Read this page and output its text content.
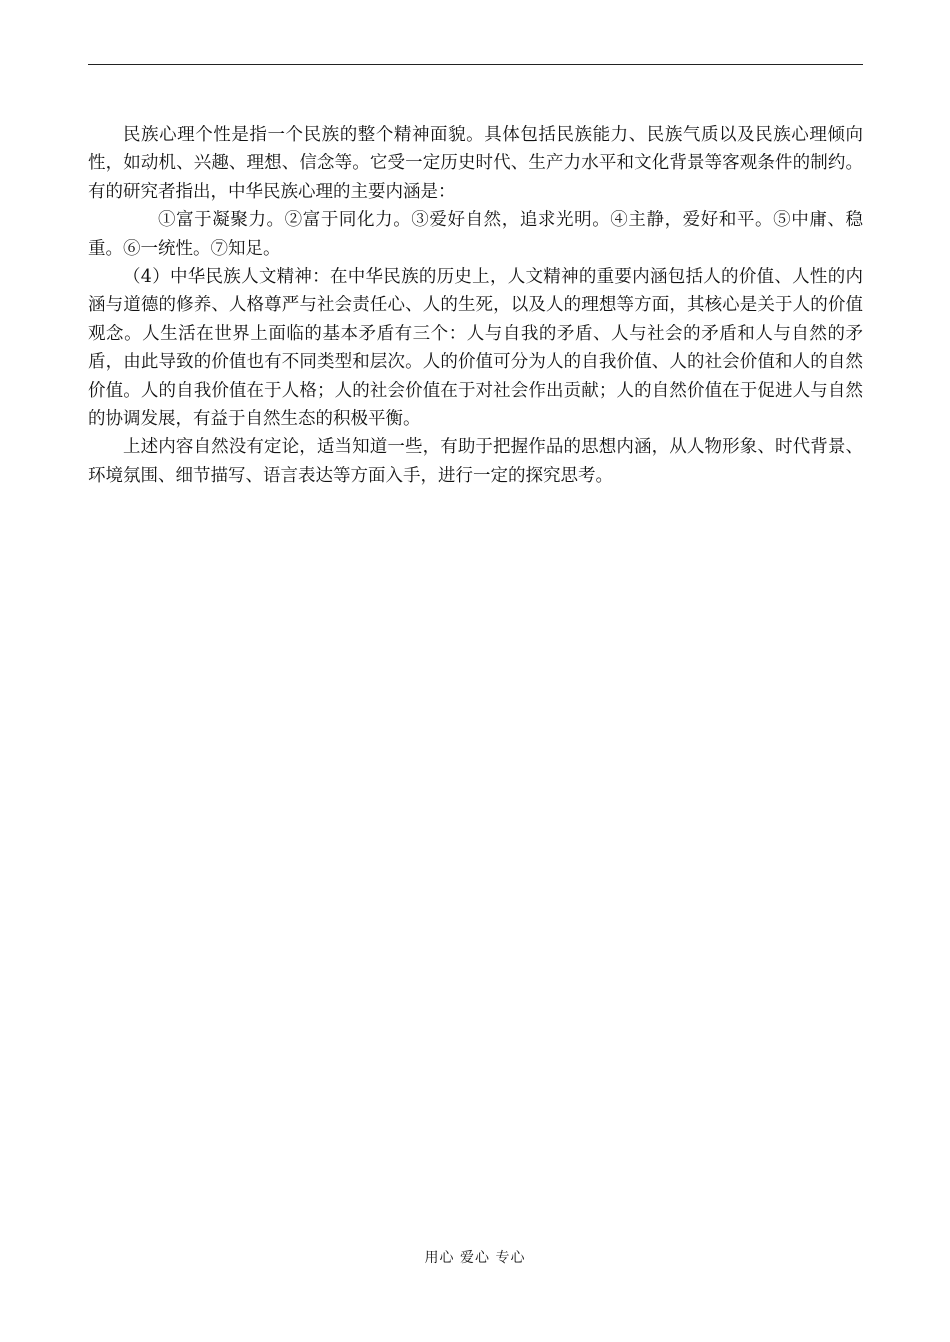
民族心理个性是指一个民族的整个精神面貌。具体包括民族能力、民族气质以及民族心理倾向性，如动机、兴趣、理想、信念等。它受一定历史时代、生产力水平和文化背景等客观条件的制约。有的研究者指出，中华民族心理的主要内涵是：

①富于凝聚力。②富于同化力。③爱好自然，追求光明。④主静，爱好和平。⑤中庸、稳重。⑥一统性。⑦知足。

（4）中华民族人文精神：在中华民族的历史上，人文精神的重要内涵包括人的价值、人性的内涵与道德的修养、人格尊严与社会责任心、人的生死，以及人的理想等方面，其核心是关于人的价值观念。人生活在世界上面临的基本矛盾有三个：人与自我的矛盾、人与社会的矛盾和人与自然的矛盾，由此导致的价值也有不同类型和层次。人的价值可分为人的自我价值、人的社会价值和人的自然价值。人的自我价值在于人格；人的社会价值在于对社会作出贡献；人的自然价值在于促进人与自然的协调发展，有益于自然生态的积极平衡。

上述内容自然没有定论，适当知道一些，有助于把握作品的思想内涵，从人物形象、时代背景、环境氛围、细节描写、语言表达等方面入手，进行一定的探究思考。

用心 爱心 专心
